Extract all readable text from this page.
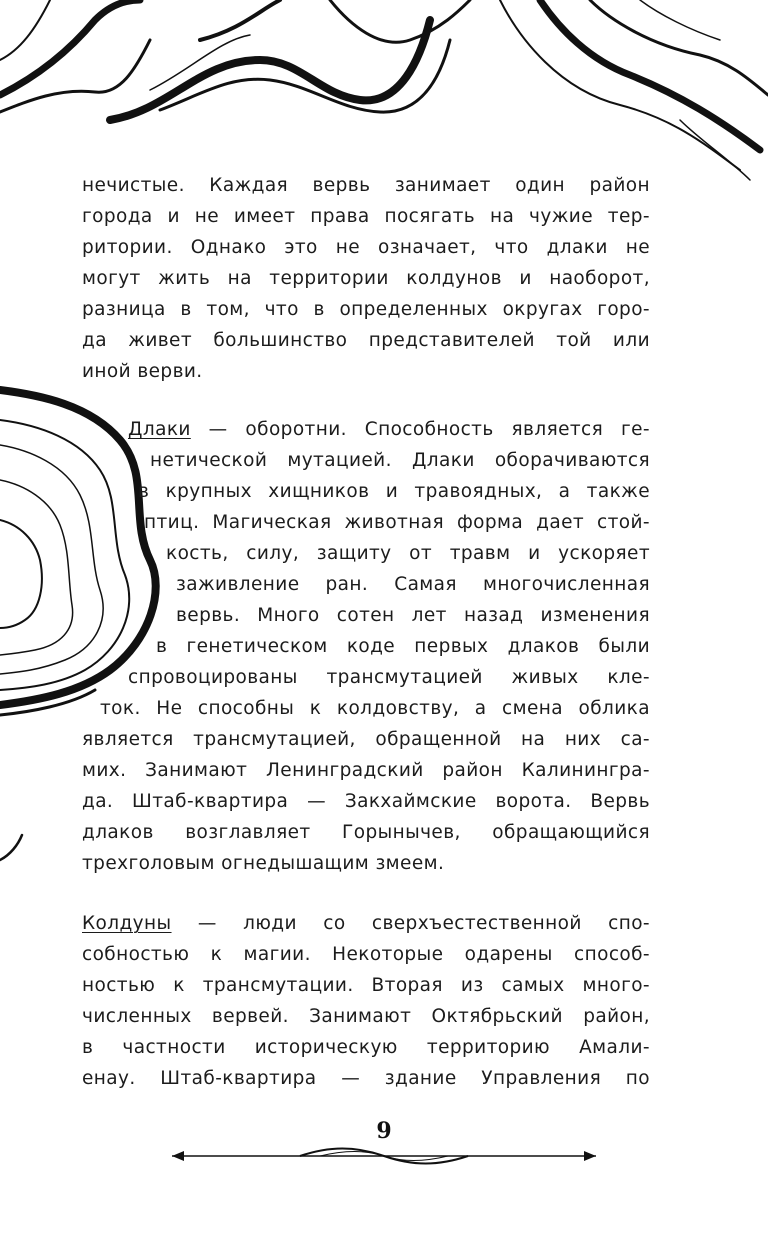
нечистые. Каждая вервь занимает один район
города и не имеет права посягать на чужие тер-
ритории. Однако это не означает, что длаки не
могут жить на территории колдунов и наоборот,
разница в том, что в определенных округах горо-
да живет большинство представителей той или
иной верви.
Длаки — оборотни. Способность является ге-
нетической мутацией. Длаки оборачиваются
в крупных хищников и травоядных, а также
птиц. Магическая животная форма дает стой-
кость, силу, защиту от травм и ускоряет
заживление ран. Самая многочисленная
вервь. Много сотен лет назад изменения
в генетическом коде первых длаков были
спровоцированы трансмутацией живых кле-
ток. Не способны к колдовству, а смена облика
является трансмутацией, обращенной на них са-
мих. Занимают Ленинградский район Калинингра-
да. Штаб-квартира — Закхаймские ворота. Вервь
длаков возглавляет Горынычев, обращающийся
трехголовым огнедышащим змеем.
Колдуны — люди со сверхъестественной спо-
собностью к магии. Некоторые одарены способ-
ностью к трансмутации. Вторая из самых много-
численных вервей. Занимают Октябрьский район,
в частности историческую территорию Амали-
енау. Штаб-квартира — здание Управления по
9
